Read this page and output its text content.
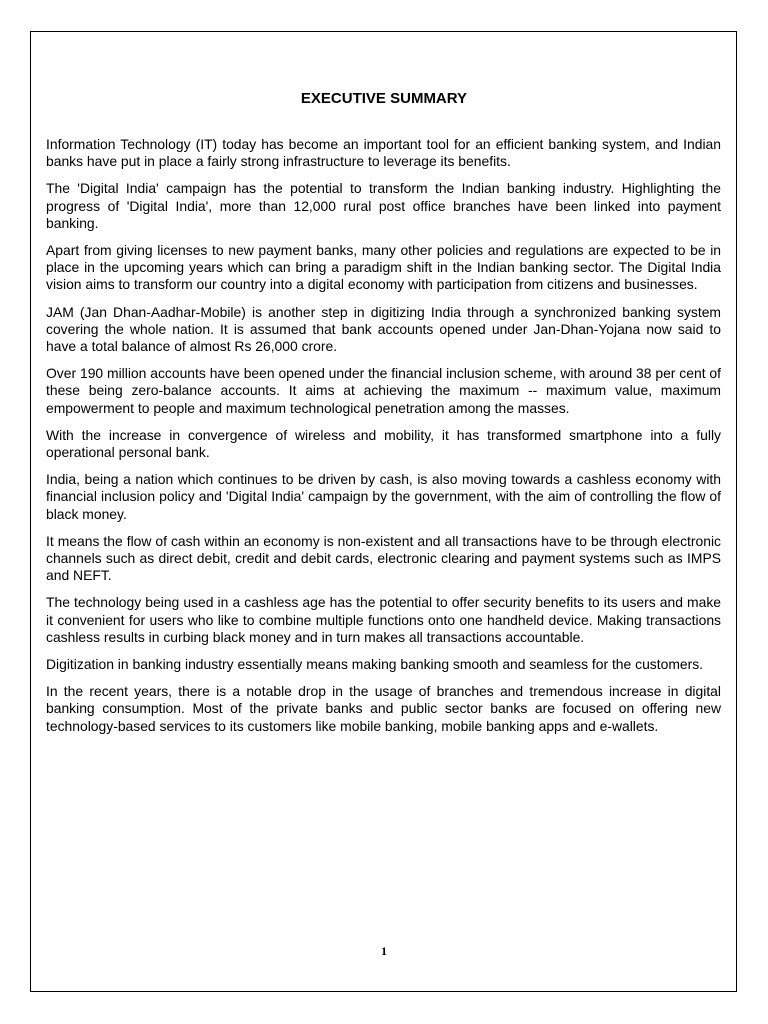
EXECUTIVE SUMMARY

Information Technology (IT) today has become an important tool for an efficient banking system, and Indian banks have put in place a fairly strong infrastructure to leverage its benefits.

The 'Digital India' campaign has the potential to transform the Indian banking industry. Highlighting the progress of 'Digital India', more than 12,000 rural post office branches have been linked into payment banking.

Apart from giving licenses to new payment banks, many other policies and regulations are expected to be in place in the upcoming years which can bring a paradigm shift in the Indian banking sector. The Digital India vision aims to transform our country into a digital economy with participation from citizens and businesses.

JAM (Jan Dhan-Aadhar-Mobile) is another step in digitizing India through a synchronized banking system covering the whole nation. It is assumed that bank accounts opened under Jan-Dhan-Yojana now said to have a total balance of almost Rs 26,000 crore.

Over 190 million accounts have been opened under the financial inclusion scheme, with around 38 per cent of these being zero-balance accounts. It aims at achieving the maximum -- maximum value, maximum empowerment to people and maximum technological penetration among the masses.

With the increase in convergence of wireless and mobility, it has transformed smartphone into a fully operational personal bank.

India, being a nation which continues to be driven by cash, is also moving towards a cashless economy with financial inclusion policy and 'Digital India' campaign by the government, with the aim of controlling the flow of black money.

It means the flow of cash within an economy is non-existent and all transactions have to be through electronic channels such as direct debit, credit and debit cards, electronic clearing and payment systems such as IMPS and NEFT.

The technology being used in a cashless age has the potential to offer security benefits to its users and make it convenient for users who like to combine multiple functions onto one handheld device. Making transactions cashless results in curbing black money and in turn makes all transactions accountable.

Digitization in banking industry essentially means making banking smooth and seamless for the customers.

In the recent years, there is a notable drop in the usage of branches and tremendous increase in digital banking consumption. Most of the private banks and public sector banks are focused on offering new technology-based services to its customers like mobile banking, mobile banking apps and e-wallets.

1
